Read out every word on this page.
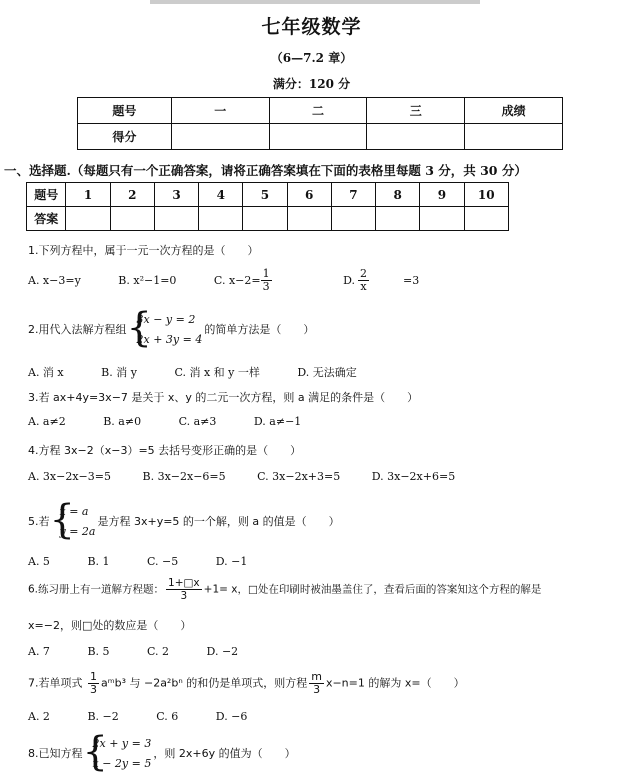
七年级数学
（6—7.2 章）
满分：120 分
题号	一	二	三	成绩
得分				
一、选择题.（每题只有一个正确答案，请将正确答案填在下面的表格里每题 3 分，共 30 分）
题号	1	2	3	4	5	6	7	8	9	10
答案										
1.下列方程中，属于一元一次方程的是（　　）
A. x−3=y	B. x²−1=0	C. $x-2= \frac{1}{3}$	D. $\frac{2}{x} =3$
2.用代入法解方程组
{ 3x − y = 2
2x + 3y = 4
的简单方法是（　　）
A. 消 x	B. 消 y	C. 消 x 和 y 一样	D. 无法确定
3.若 ax+4y=3x−7 是关于 x、y 的二元一次方程，则 a 满足的条件是（　　）
A. a≠2	B. a≠0	C. a≠3	D. a≠−1
4.方程 3x−2（x−3）=5 去括号变形正确的是（　　）
A. 3x−2x−3=5	B. 3x−2x−6=5	C. 3x−2x+3=5	D. 3x−2x+6=5
5.若
{ x = a
y = 2a
是方程 3x+y=5 的一个解，则 a 的值是（　　）
A. 5	B. 1	C. −5	D. −1
6.练习册上有一道解方程题： $\frac{1+□x}{3} +1= x$，□处在印刷时被油墨盖住了，查看后面的答案知这个方程的解是
x=−2，则□处的数应是（　　）
A. 7	B. 5	C. 2	D. −2
7.若单项式 $\frac{1}{3}$ aᵐb³ 与 −2a²bⁿ 的和仍是单项式，则方程 $\frac{m}{3} x-n=1$ 的解为 x=（　　）
A. 2	B. −2	C. 6	D. −6
8.已知方程
{ 2x + y = 3
x − 2y = 5
，则 2x+6y 的值为（　　）
